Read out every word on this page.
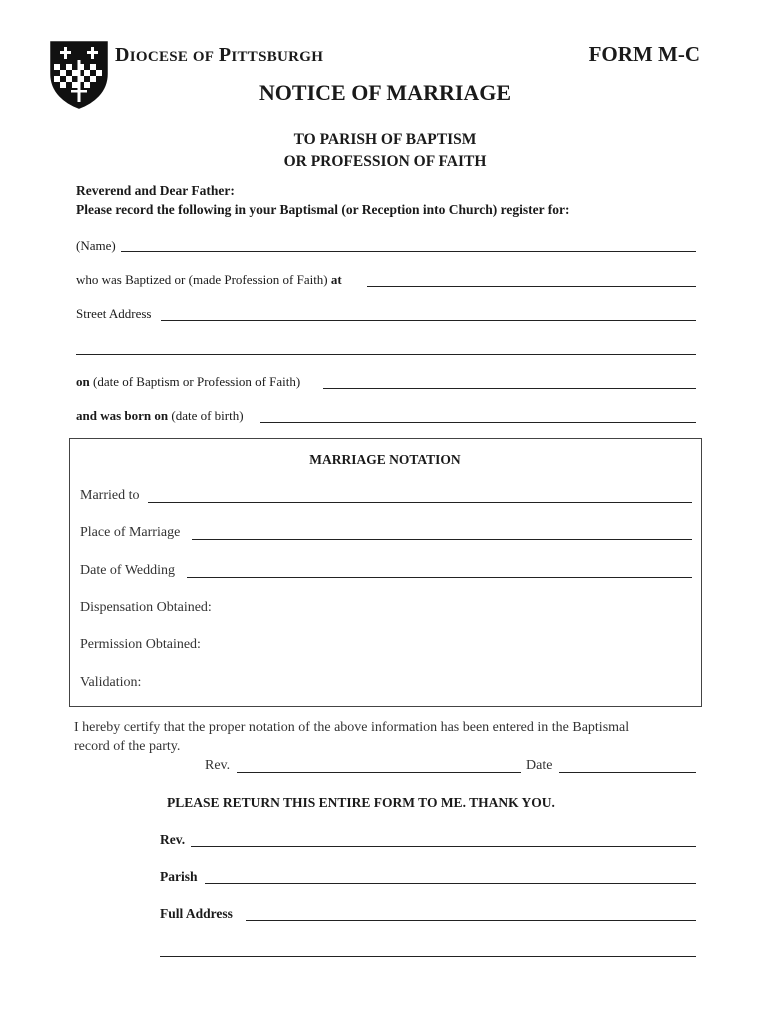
DIOCESE OF PITTSBURGH	FORM M-C
NOTICE OF MARRIAGE
TO PARISH OF BAPTISM
OR PROFESSION OF FAITH
Reverend and Dear Father:
Please record the following in your Baptismal (or Reception into Church) register for:
(Name)
who was Baptized or (made Profession of Faith) at
Street Address
on (date of Baptism or Profession of Faith)
and was born on (date of birth)
MARRIAGE NOTATION
Married to
Place of Marriage
Date of Wedding
Dispensation Obtained:
Permission Obtained:
Validation:
I hereby certify that the proper notation of the above information has been entered in the Baptismal
record of the party.
Rev.	Date
PLEASE RETURN THIS ENTIRE FORM TO ME. THANK YOU.
Rev.
Parish
Full Address
